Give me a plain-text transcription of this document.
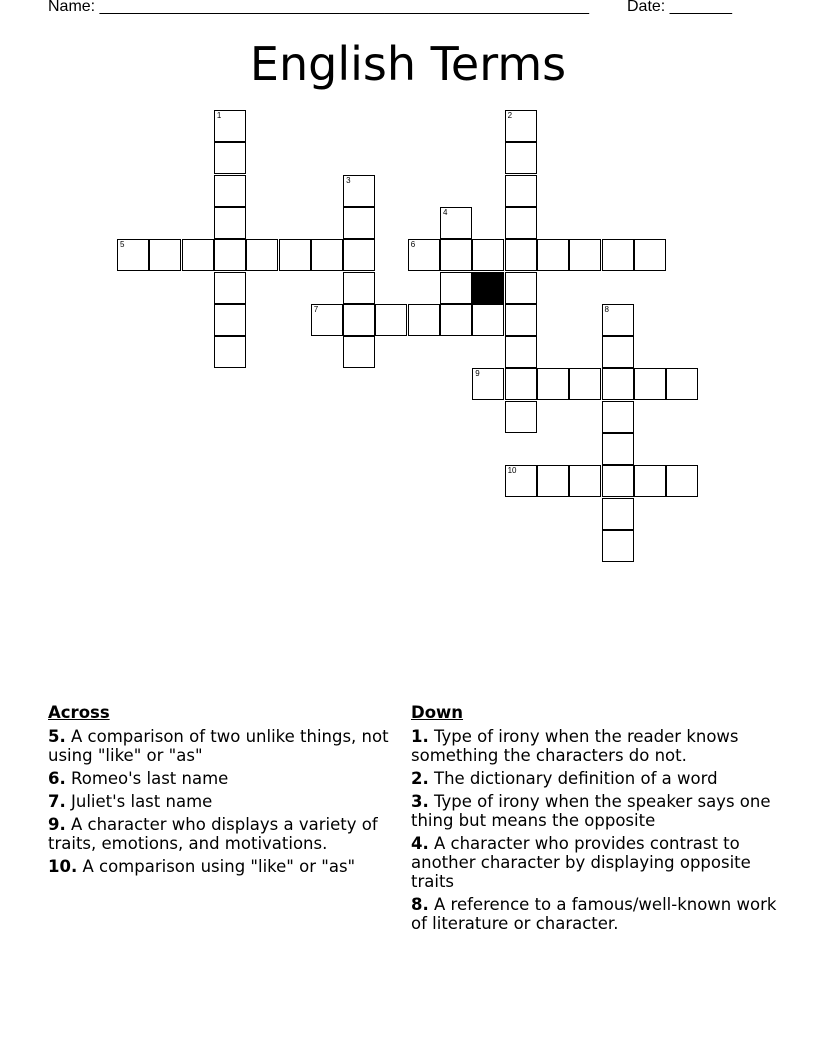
Name: _______________________________________________________ Date: _______
English Terms
1	2
3
4
8
5	6
7
9
10
Across
5. A comparison of two unlike things, not using "like" or "as"
6. Romeo's last name
7. Juliet's last name
9. A character who displays a variety of traits, emotions, and motivations.
10. A comparison using "like" or "as"
Down
1. Type of irony when the reader knows something the characters do not.
2. The dictionary definition of a word
3. Type of irony when the speaker says one thing but means the opposite
4. A character who provides contrast to another character by displaying opposite traits
8. A reference to a famous/well-known work of literature or character.
